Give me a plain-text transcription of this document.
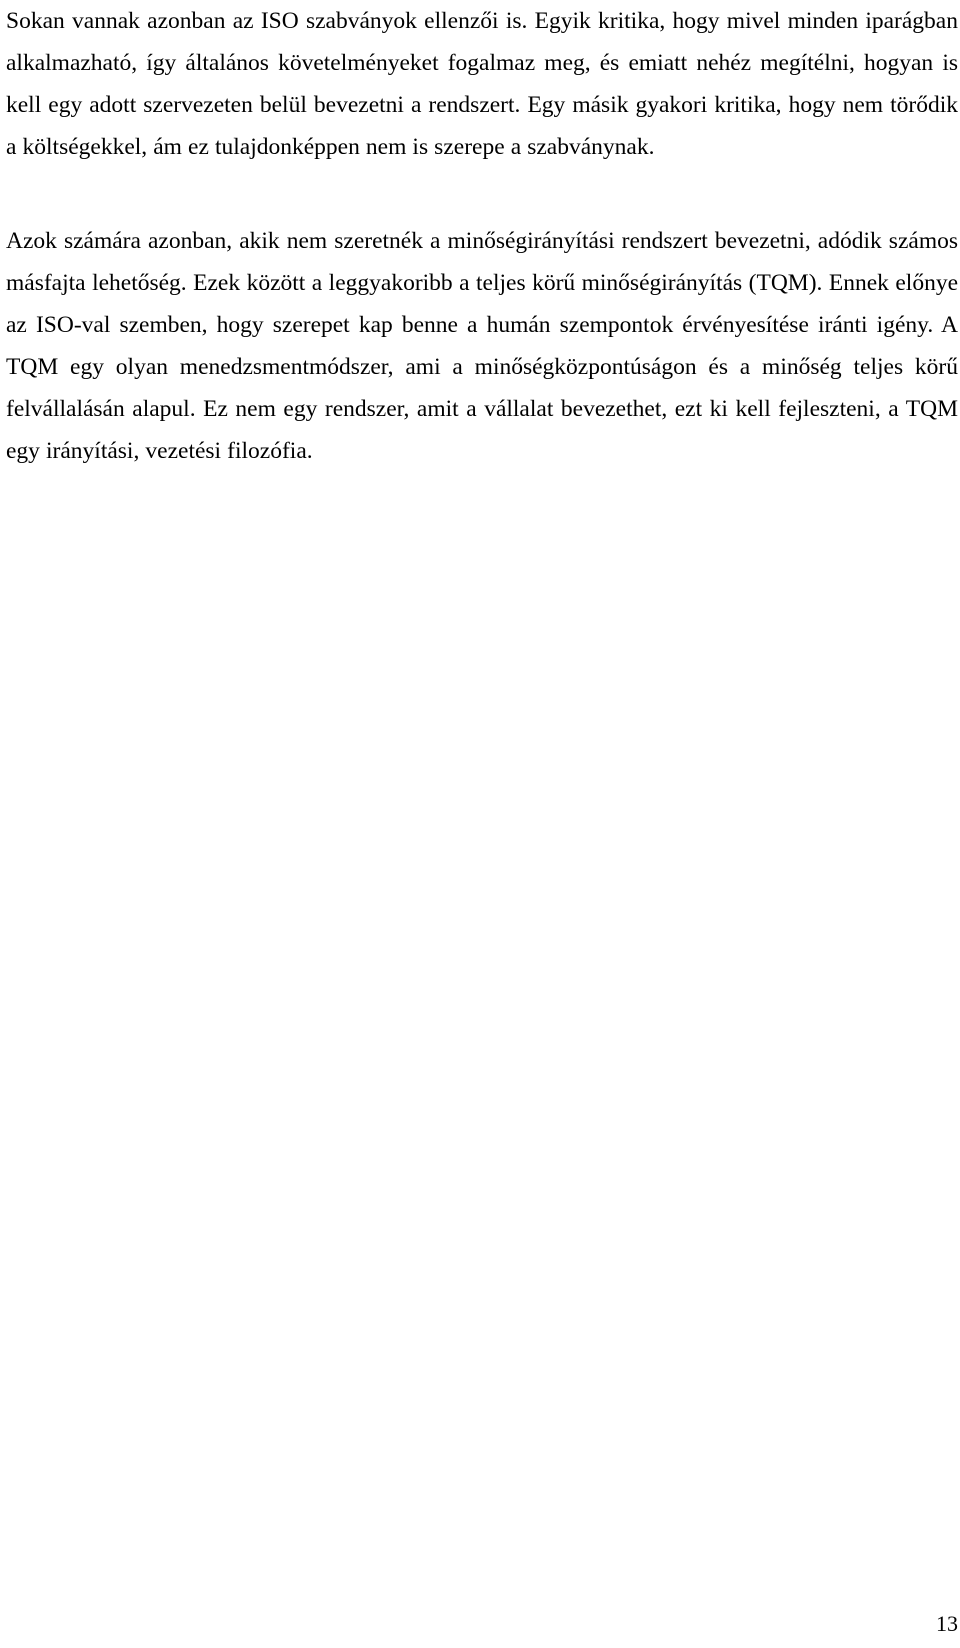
Sokan vannak azonban az ISO szabványok ellenzői is. Egyik kritika, hogy mivel minden iparágban alkalmazható, így általános követelményeket fogalmaz meg, és emiatt nehéz megítélni, hogyan is kell egy adott szervezeten belül bevezetni a rendszert. Egy másik gyakori kritika, hogy nem törődik a költségekkel, ám ez tulajdonképpen nem is szerepe a szabványnak.

Azok számára azonban, akik nem szeretnék a minőségirányítási rendszert bevezetni, adódik számos másfajta lehetőség. Ezek között a leggyakoribb a teljes körű minőségirányítás (TQM). Ennek előnye az ISO-val szemben, hogy szerepet kap benne a humán szempontok érvényesítése iránti igény. A TQM egy olyan menedzsmentmódszer, ami a minőségközpontúságon és a minőség teljes körű felvállalásán alapul. Ez nem egy rendszer, amit a vállalat bevezethet, ezt ki kell fejleszteni, a TQM egy irányítási, vezetési filozófia.

13
